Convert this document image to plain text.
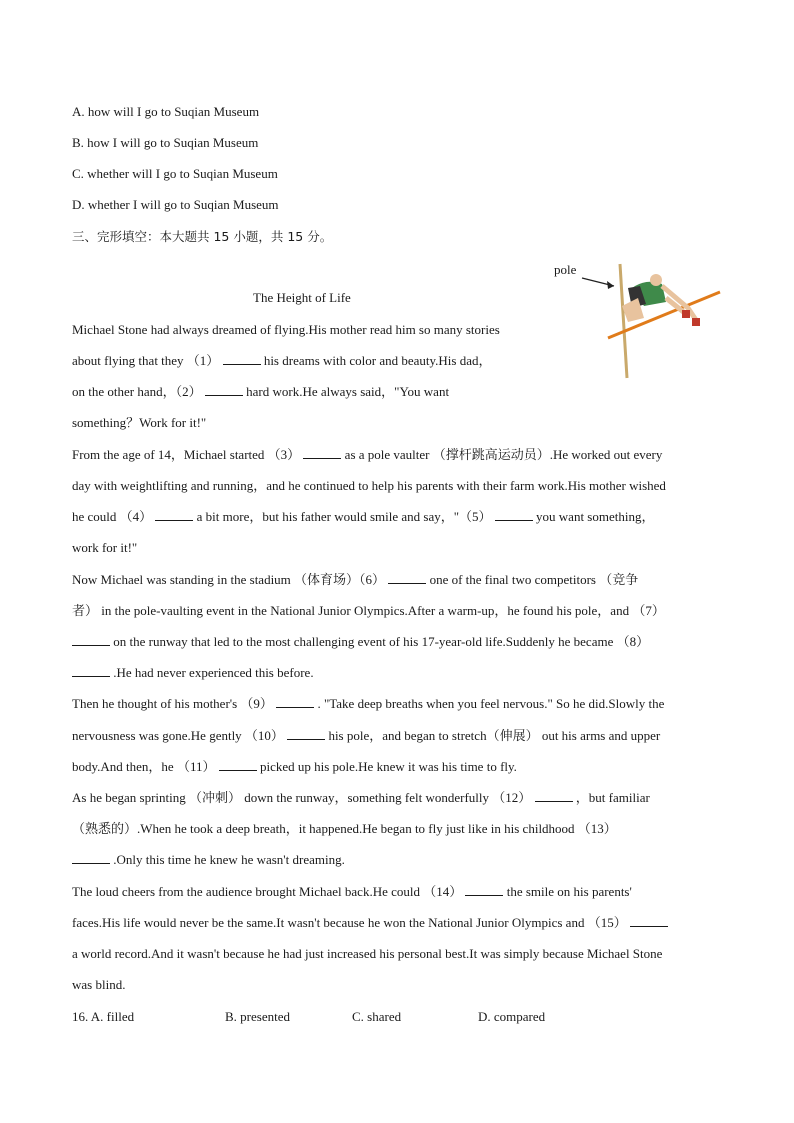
A. how will I go to Suqian Museum
B. how I will go to Suqian Museum
C. whether will I go to Suqian Museum
D. whether I will go to Suqian Museum
三、完形填空：本大题共 15 小题，共 15 分。
pole
The Height of Life
Michael Stone had always dreamed of flying.His mother read him so many stories
about flying that they （1）	his dreams with color and beauty.His dad，
on the other hand，（2）	hard work.He always said，"You want
something？Work for it!"
From the age of 14，Michael started （3）	as a pole vaulter （撑杆跳高运动员）.He worked out every
day with weightlifting and running，and he continued to help his parents with their farm work.His mother wished
he could （4）	a bit more，but his father would smile and say，"（5）	you want something，
work for it!"
Now Michael was standing in the stadium （体育场）（6）	one of the final two competitors （竞争
者） in the pole-vaulting event in the National Junior Olympics.After a warm-up，he found his pole，and （7）
on the runway that led to the most challenging event of his 17-year-old life.Suddenly he became （8）
.He had never experienced this before.
Then he thought of his mother's （9）	. "Take deep breaths when you feel nervous." So he did.Slowly the
nervousness was gone.He gently （10）	his pole，and began to stretch（伸展） out his arms and upper
body.And then，he （11）	picked up his pole.He knew it was his time to fly.
As he began sprinting （冲刺） down the runway，something felt wonderfully （12）	，but familiar
（熟悉的）.When he took a deep breath，it happened.He began to fly just like in his childhood （13）
.Only this time he knew he wasn't dreaming.
The loud cheers from the audience brought Michael back.He could （14）	the smile on his parents'
faces.His life would never be the same.It wasn't because he won the National Junior Olympics and （15）
a world record.And it wasn't because he had just increased his personal best.It was simply because Michael Stone
was blind.
16. A. filled	B. presented	C. shared	D. compared
